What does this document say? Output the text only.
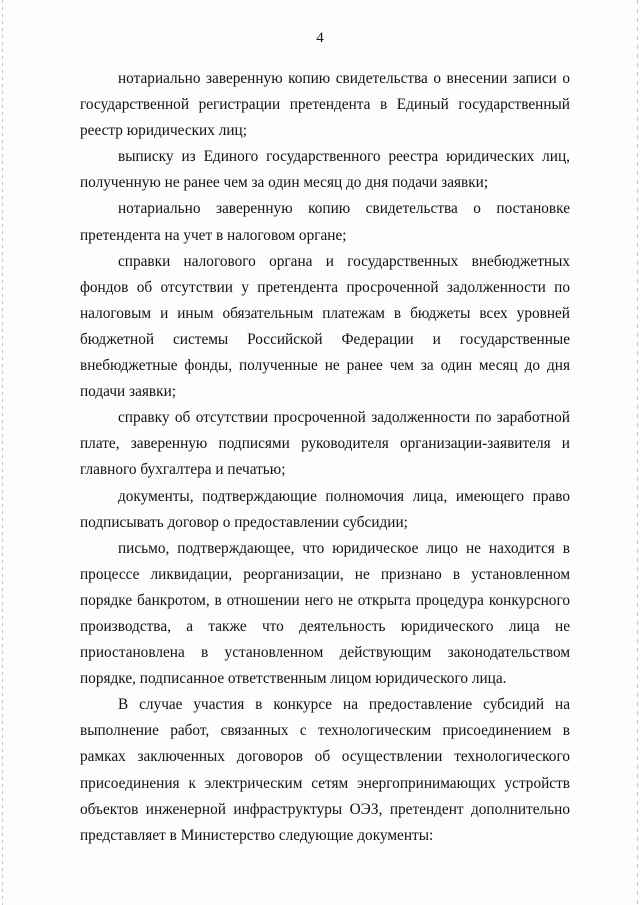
4

нотариально заверенную копию свидетельства о внесении записи о государственной регистрации претендента в Единый государственный реестр юридических лиц;

выписку из Единого государственного реестра юридических лиц, полученную не ранее чем за один месяц до дня подачи заявки;

нотариально заверенную копию свидетельства о постановке претендента на учет в налоговом органе;

справки налогового органа и государственных внебюджетных фондов об отсутствии у претендента просроченной задолженности по налоговым и иным обязательным платежам в бюджеты всех уровней бюджетной системы Российской Федерации и государственные внебюджетные фонды, полученные не ранее чем за один месяц до дня подачи заявки;

справку об отсутствии просроченной задолженности по заработной плате, заверенную подписями руководителя организации-заявителя и главного бухгалтера и печатью;

документы, подтверждающие полномочия лица, имеющего право подписывать договор о предоставлении субсидии;

письмо, подтверждающее, что юридическое лицо не находится в процессе ликвидации, реорганизации, не признано в установленном порядке банкротом, в отношении него не открыта процедура конкурсного производства, а также что деятельность юридического лица не приостановлена в установленном действующим законодательством порядке, подписанное ответственным лицом юридического лица.

В случае участия в конкурсе на предоставление субсидий на выполнение работ, связанных с технологическим присоединением в рамках заключенных договоров об осуществлении технологического присоединения к электрическим сетям энергопринимающих устройств объектов инженерной инфраструктуры ОЭЗ, претендент дополнительно представляет в Министерство следующие документы:
